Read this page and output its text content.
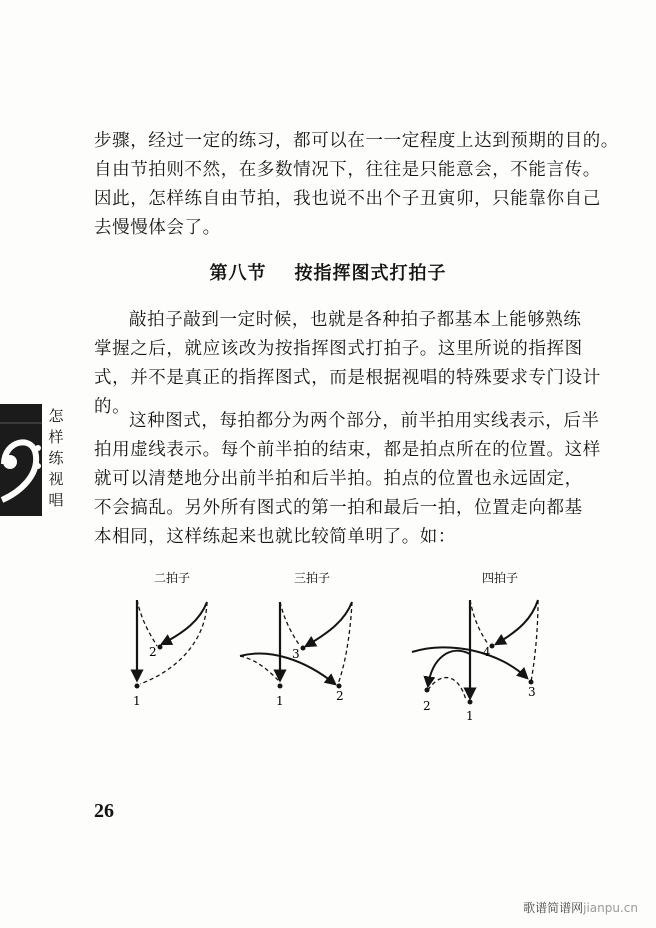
步骤，经过一定的练习，都可以在一一定程度上达到预期的目的。
自由节拍则不然，在多数情况下，往往是只能意会，不能言传。
因此，怎样练自由节拍，我也说不出个子丑寅卯，只能靠你自己
去慢慢体会了。
第八节 按指挥图式打拍子
敲拍子敲到一定时候，也就是各种拍子都基本上能够熟练
掌握之后，就应该改为按指挥图式打拍子。这里所说的指挥图
式，并不是真正的指挥图式，而是根据视唱的特殊要求专门设计
的。
这种图式，每拍都分为两个部分，前半拍用实线表示，后半
拍用虚线表示。每个前半拍的结束，都是拍点所在的位置。这样
就可以清楚地分出前半拍和后半拍。拍点的位置也永远固定，
不会搞乱。另外所有图式的第一拍和最后一拍，位置走向都基
本相同，这样练起来也就比较简单明了。如：
怎
样
练
视
唱
二拍子
1
2
三拍子
1
3
2
四拍子
4
2
3
1
26
歌谱简谱网jianpu.cn
